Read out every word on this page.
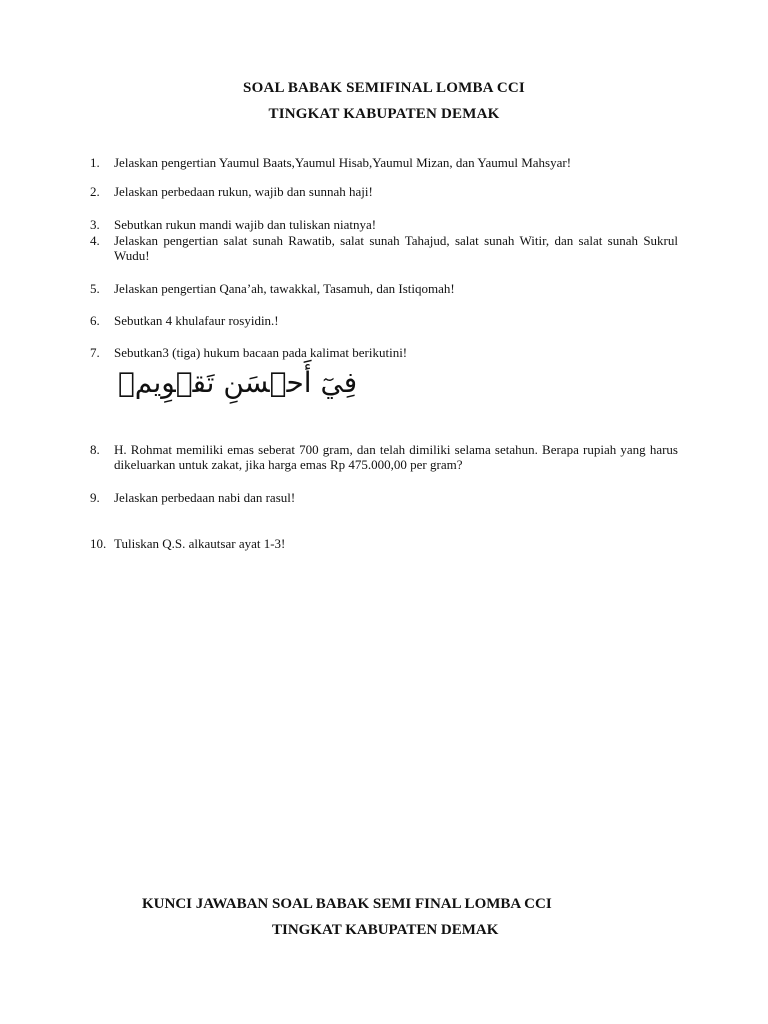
SOAL BABAK SEMIFINAL LOMBA CCI
TINGKAT KABUPATEN DEMAK
1. Jelaskan pengertian Yaumul Baats,Yaumul Hisab,Yaumul Mizan, dan Yaumul Mahsyar!
2. Jelaskan perbedaan rukun, wajib dan sunnah haji!
3. Sebutkan rukun mandi wajib dan tuliskan niatnya!
4. Jelaskan pengertian salat sunah Rawatib, salat sunah Tahajud, salat sunah Witir, dan salat sunah Sukrul Wudu!
5. Jelaskan pengertian Qana’ah, tawakkal, Tasamuh, dan Istiqomah!
6. Sebutkan 4 khulafaur rosyidin.!
7. Sebutkan3 (tiga) hukum bacaan pada kalimat berikutini!
فِيٓ أَحۡسَنِ تَقۡوِيمٖ
8. H. Rohmat memiliki emas seberat 700 gram, dan telah dimiliki selama setahun. Berapa rupiah yang harus dikeluarkan untuk zakat, jika harga emas Rp 475.000,00 per gram?
9. Jelaskan perbedaan nabi dan rasul!
10. Tuliskan Q.S. alkautsar ayat 1-3!
KUNCI JAWABAN SOAL BABAK SEMI FINAL LOMBA CCI
TINGKAT KABUPATEN DEMAK
